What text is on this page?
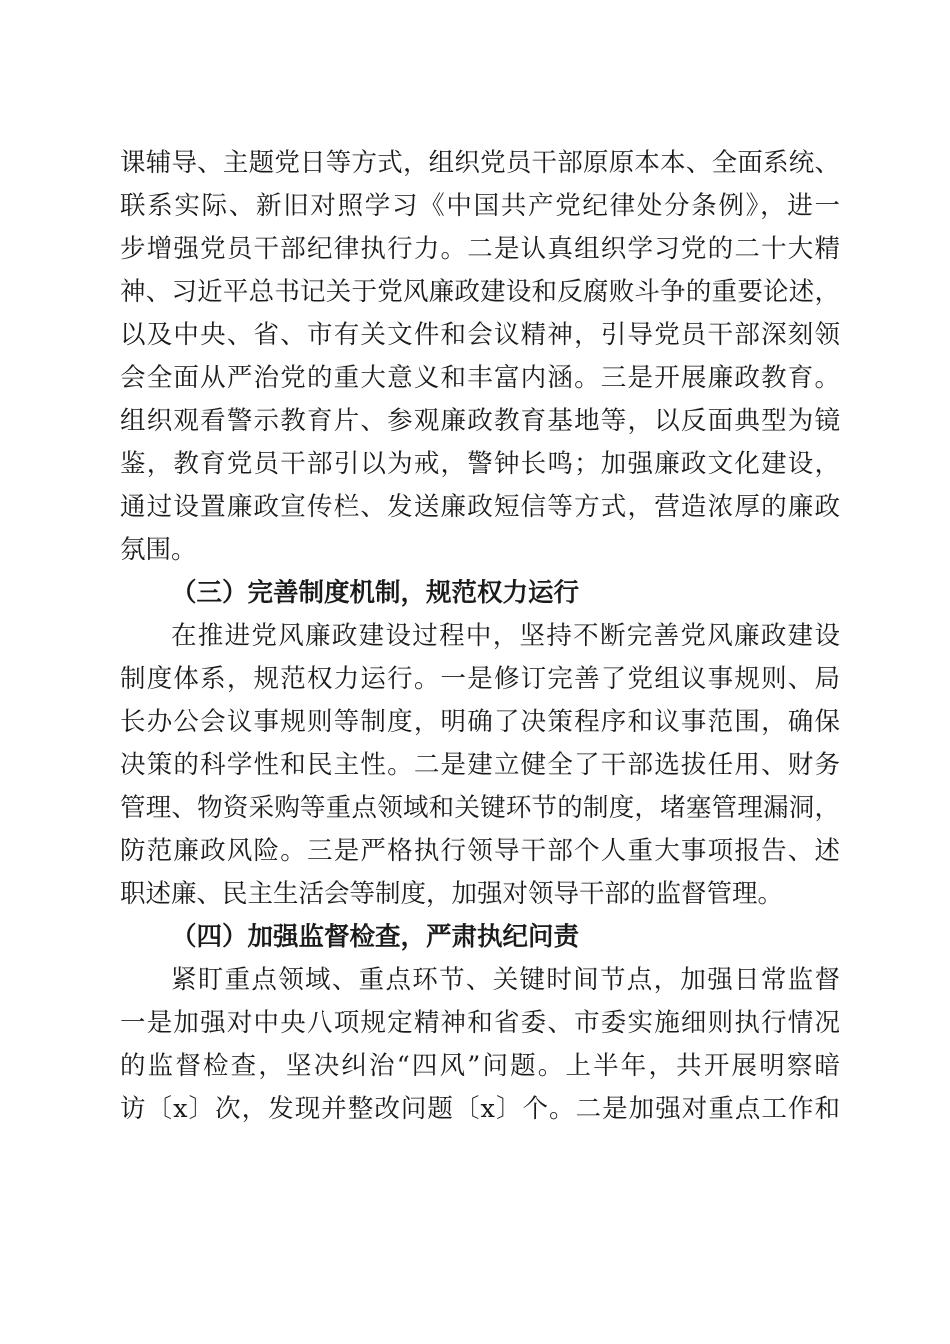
课辅导、主题党日等方式，组织党员干部原原本本、全面系统、
联系实际、新旧对照学习《中国共产党纪律处分条例》，进一
步增强党员干部纪律执行力。二是认真组织学习党的二十大精
神、习近平总书记关于党风廉政建设和反腐败斗争的重要论述，
以及中央、省、市有关文件和会议精神，引导党员干部深刻领
会全面从严治党的重大意义和丰富内涵。三是开展廉政教育。
组织观看警示教育片、参观廉政教育基地等，以反面典型为镜
鉴，教育党员干部引以为戒，警钟长鸣；加强廉政文化建设，
通过设置廉政宣传栏、发送廉政短信等方式，营造浓厚的廉政
氛围。
（三）完善制度机制，规范权力运行
在推进党风廉政建设过程中，坚持不断完善党风廉政建设
制度体系，规范权力运行。一是修订完善了党组议事规则、局
长办公会议事规则等制度，明确了决策程序和议事范围，确保
决策的科学性和民主性。二是建立健全了干部选拔任用、财务
管理、物资采购等重点领域和关键环节的制度，堵塞管理漏洞，
防范廉政风险。三是严格执行领导干部个人重大事项报告、述
职述廉、民主生活会等制度，加强对领导干部的监督管理。
（四）加强监督检查，严肃执纪问责
紧盯重点领域、重点环节、关键时间节点，加强日常监督
一是加强对中央八项规定精神和省委、市委实施细则执行情况
的监督检查，坚决纠治“四风”问题。上半年，共开展明察暗
访〔x〕次，发现并整改问题〔x〕个。二是加强对重点工作和
